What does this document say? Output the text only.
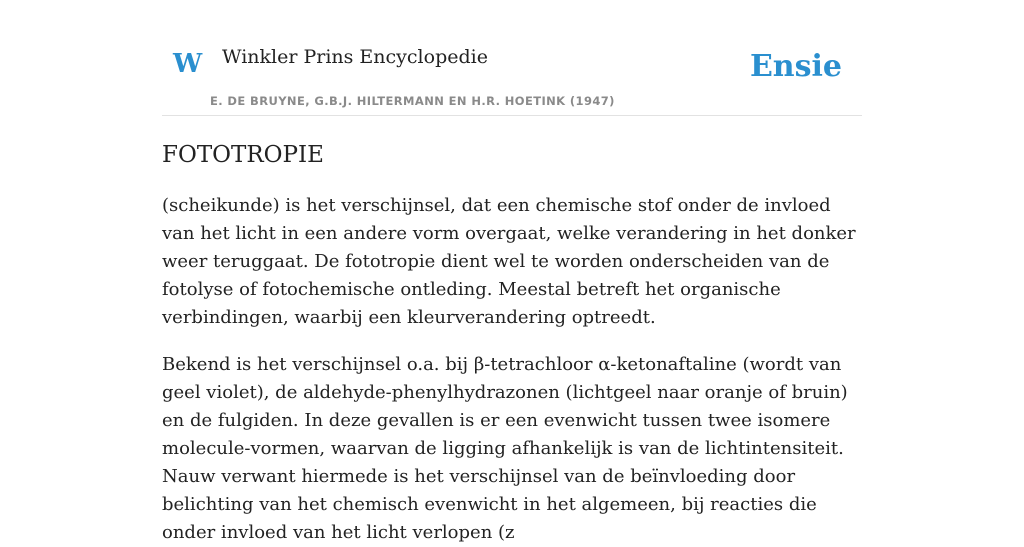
W Winkler Prins Encyclopedie
E. DE BRUYNE, G.B.J. HILTERMANN EN H.R. HOETINK (1947)
Ensie
FOTOTROPIE

(scheikunde) is het verschijnsel, dat een chemische stof onder de invloed van het licht in een andere vorm overgaat, welke verandering in het donker weer teruggaat. De fototropie dient wel te worden onderscheiden van de fotolyse of fotochemische ontleding. Meestal betreft het organische verbindingen, waarbij een kleurverandering optreedt.

Bekend is het verschijnsel o.a. bij β-tetrachloor α-ketonaftaline (wordt van geel violet), de aldehyde-phenylhydrazonen (lichtgeel naar oranje of bruin) en de fulgiden. In deze gevallen is er een evenwicht tussen twee isomere molecule-vormen, waarvan de ligging afhankelijk is van de lichtintensiteit. Nauw verwant hiermede is het verschijnsel van de beïnvloeding door belichting van het chemisch evenwicht in het algemeen, bij reacties die onder invloed van het licht verlopen (z
